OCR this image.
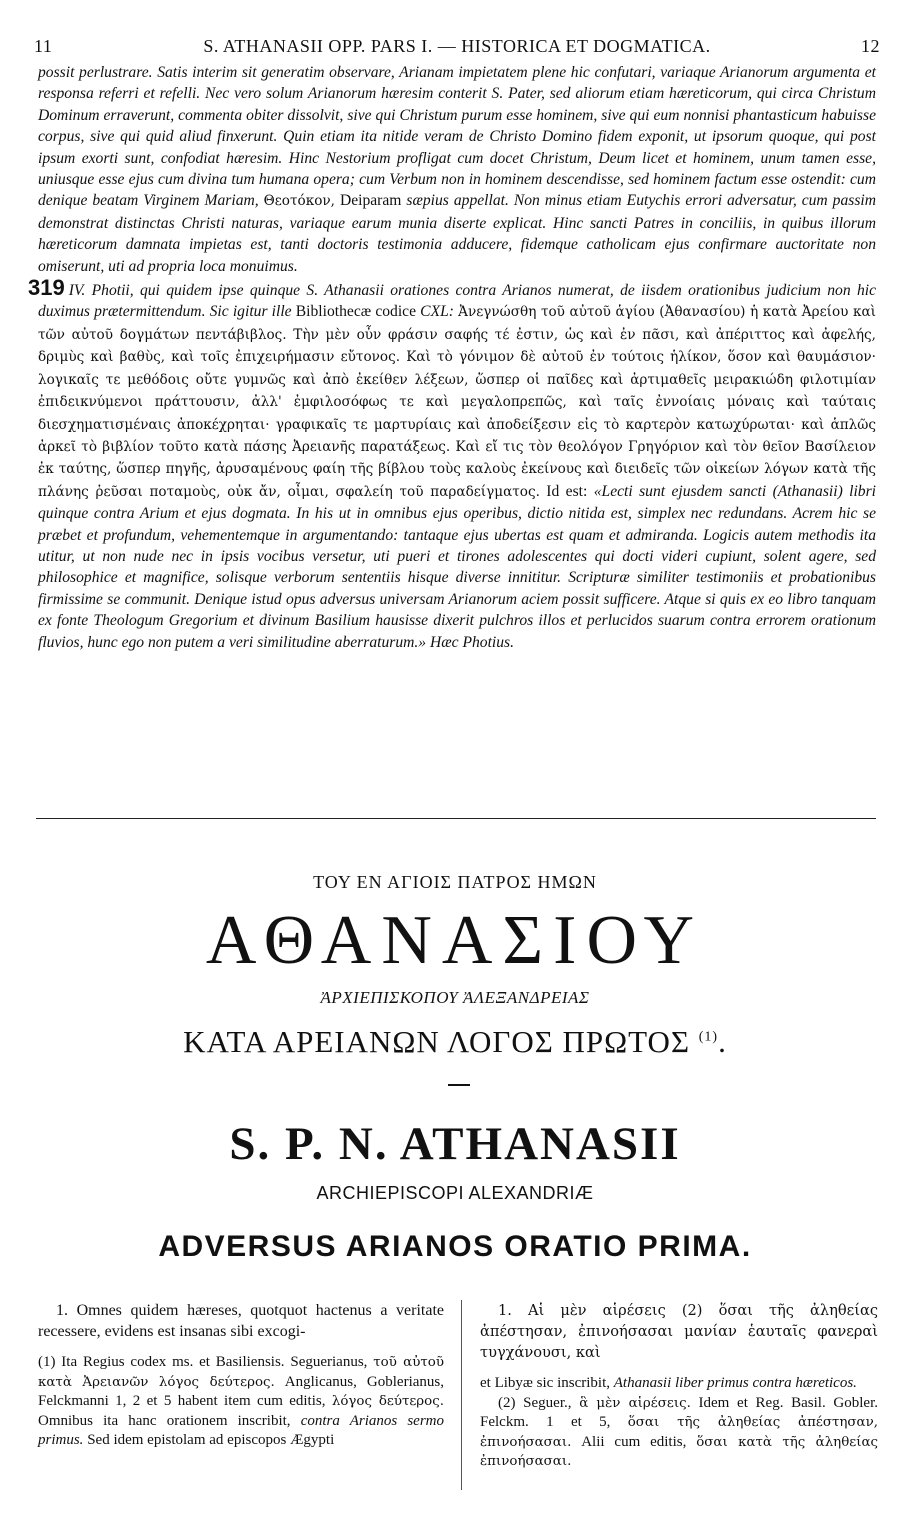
11	S. ATHANASII OPP. PARS I. — HISTORICA ET DOGMATICA.	12

possit perlustrare. Satis interim sit generatim observare, Arianam impietatem plene hic confutari, variaque Arianorum argumenta et responsa referri et refelli. Nec vero solum Arianorum hæresim conterit S. Pater, sed aliorum etiam hæreticorum, qui circa Christum Dominum erraverunt, commenta obiter dissolvit, sive qui Christum purum esse hominem, sive qui eum nonnisi phantasticum habuisse corpus, sive qui quid aliud finxerunt. Quin etiam ita nitide veram de Christo Domino fidem exponit, ut ipsorum quoque, qui post ipsum exorti sunt, confodiat hæresim. Hinc Nestorium profligat cum docet Christum, Deum licet et hominem, unum tamen esse, uniusque esse ejus cum divina tum humana opera; cum Verbum non in hominem descendisse, sed hominem factum esse ostendit: cum denique beatam Virginem Mariam, Θεοτόκον, Deiparam sæpius appellat. Non minus etiam Eutychis errori adversatur, cum passim demonstrat distinctas Christi naturas, variaque earum munia diserte explicat. Hinc sancti Patres in conciliis, in quibus illorum hæreticorum damnata impietas est, tanti doctoris testimonia adducere, fidemque catholicam ejus confirmare auctoritate non omiserunt, uti ad propria loca monuimus.

319 IV. Photii, qui quidem ipse quinque S. Athanasii orationes contra Arianos numerat, de iisdem orationibus judicium non hic duximus prætermittendum. Sic igitur ille Bibliothecæ codice CXL: Ἀνεγνώσθη τοῦ αὐτοῦ ἁγίου (Ἀθανασίου) ἡ κατὰ Ἀρείου καὶ τῶν αὐτοῦ δογμάτων πεντάβιβλος. Τὴν μὲν οὖν φράσιν σαφής τέ ἐστιν, ὡς καὶ ἐν πᾶσι, καὶ ἀπέριττος καὶ ἀφελής, δριμὺς καὶ βαθὺς, καὶ τοῖς ἐπιχειρήμασιν εὔτονος. Καὶ τὸ γόνιμον δὲ αὐτοῦ ἐν τούτοις ἡλίκον, ὅσον καὶ θαυμάσιον· λογικαῖς τε μεθόδοις οὔτε γυμνῶς καὶ ἀπὸ ἐκείθεν λέξεων, ὥσπερ οἱ παῖδες καὶ ἀρτιμαθεῖς μειρακιώδη φιλοτιμίαν ἐπιδεικνύμενοι πράττουσιν, ἀλλ' ἐμφιλοσόφως τε καὶ μεγαλοπρεπῶς, καὶ ταῖς ἐννοίαις μόναις καὶ ταύταις διεσχηματισμέναις ἀποκέχρηται· γραφικαῖς τε μαρτυρίαις καὶ ἀποδείξεσιν εἰς τὸ καρτερὸν κατωχύρωται· καὶ ἁπλῶς ἀρκεῖ τὸ βιβλίον τοῦτο κατὰ πάσης Ἀρειανῆς παρατάξεως. Καὶ εἴ τις τὸν θεολόγον Γρηγόριον καὶ τὸν θεῖον Βασίλειον ἐκ ταύτης, ὥσπερ πηγῆς, ἀρυσαμένους φαίη τῆς βίβλου τοὺς καλοὺς ἐκείνους καὶ διειδεῖς τῶν οἰκείων λόγων κατὰ τῆς πλάνης ῥεῦσαι ποταμοὺς, οὐκ ἄν, οἶμαι, σφαλείη τοῦ παραδείγματος. Id est: «Lecti sunt ejusdem sancti (Athanasii) libri quinque contra Arium et ejus dogmata. In his ut in omnibus ejus operibus, dictio nitida est, simplex nec redundans. Acrem hic se præbet et profundum, vehementemque in argumentando: tantaque ejus ubertas est quam et admiranda. Logicis autem methodis ita utitur, ut non nude nec in ipsis vocibus versetur, uti pueri et tirones adolescentes qui docti videri cupiunt, solent agere, sed philosophice et magnifice, solisque verborum sententiis hisque diverse innititur. Scripturæ similiter testimoniis et probationibus firmissime se communit. Denique istud opus adversus universam Arianorum aciem possit sufficere. Atque si quis ex eo libro tanquam ex fonte Theologum Gregorium et divinum Basilium hausisse dixerit pulchros illos et perlucidos suarum contra errorem orationum fluvios, hunc ego non putem a veri similitudine aberraturum.» Hæc Photius.

ΤΟΥ ΕΝ ΑΓΙΟΙΣ ΠΑΤΡΟΣ ΗΜΩΝ
ΑΘΑΝΑΣΙΟΥ
ἈΡΧΙΕΠΙΣΚΟΠΟΥ ἈΛΕΞΑΝΔΡΕΙΑΣ
ΚΑΤΑ ΑΡΕΙΑΝΩΝ ΛΟΓΟΣ ΠΡΩΤΟΣ $^{(1)}$.
S. P. N. ATHANASII
ARCHIEPISCOPI ALEXANDRIÆ
ADVERSUS ARIANOS ORATIO PRIMA.

1. Omnes quidem hæreses, quotquot hactenus a veritate recessere, evidens est insanas sibi excogi-

(1) Ita Regius codex ms. et Basiliensis. Seguerianus, τοῦ αὐτοῦ κατὰ Ἀρειανῶν λόγος δεύτερος. Anglicanus, Goblerianus, Felckmanni 1, 2 et 5 habent item cum editis, λόγος δεύτερος. Omnibus ita hanc orationem inscribit, contra Arianos sermo primus. Sed idem epistolam ad episcopos Ægypti

1. Αἱ μὲν αἱρέσεις (2) ὅσαι τῆς ἀληθείας ἀπέστησαν, ἐπινοήσασαι μανίαν ἑαυταῖς φανεραὶ τυγχάνουσι, καὶ

et Libyæ sic inscribit, Athanasii liber primus contra hæreticos.

(2) Seguer., ἃ μὲν αἱρέσεις. Idem et Reg. Basil. Gobler. Felckm. 1 et 5, ὅσαι τῆς ἀληθείας ἀπέστησαν, ἐπινοήσασαι. Alii cum editis, ὅσαι κατὰ τῆς ἀληθείας ἐπινοήσασαι.
